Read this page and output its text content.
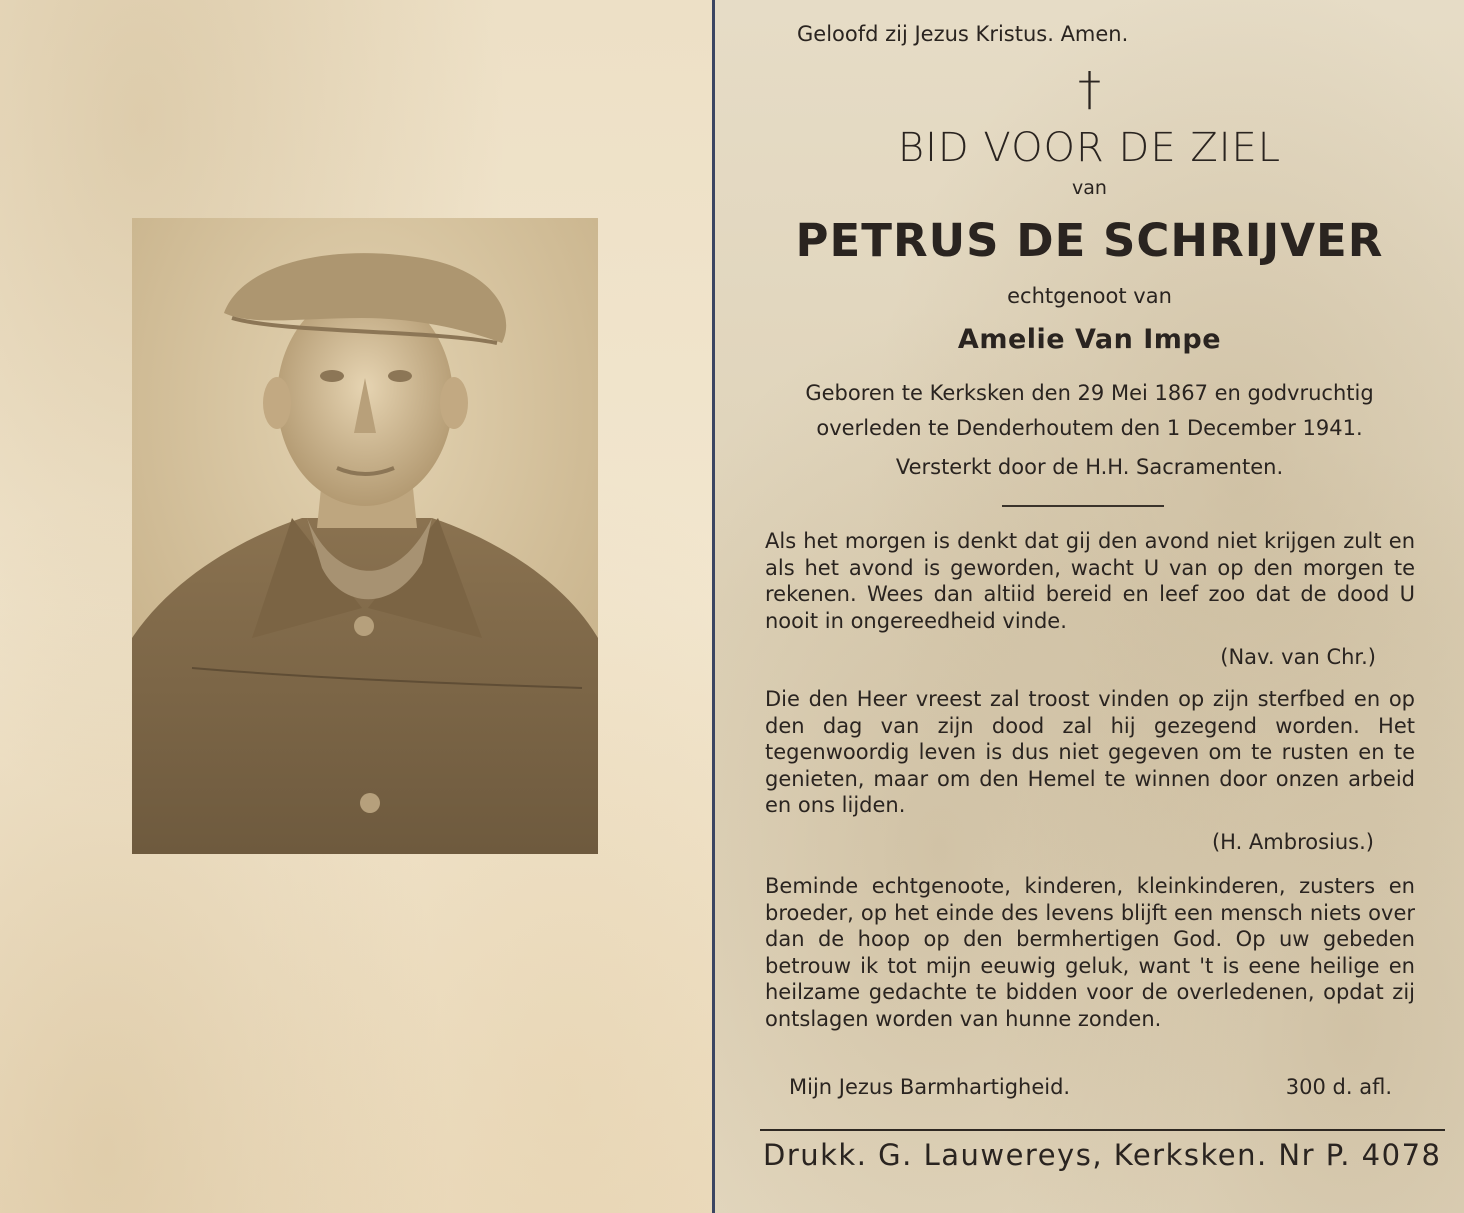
Geloofd zij Jezus Kristus. Amen.
†
BID VOOR DE ZIEL
van
PETRUS DE SCHRIJVER
echtgenoot van
Amelie Van Impe
Geboren te Kerksken den 29 Mei 1867 en godvruchtig
overleden te Denderhoutem den 1 December 1941.
Versterkt door de H.H. Sacramenten.
Als het morgen is denkt dat gij den avond niet krijgen zult en als het avond is geworden, wacht U van op den morgen te rekenen. Wees dan altiid bereid en leef zoo dat de dood U nooit in ongereedheid vinde.
(Nav. van Chr.)
Die den Heer vreest zal troost vinden op zijn sterfbed en op den dag van zijn dood zal hij gezegend worden. Het tegenwoordig leven is dus niet gegeven om te rusten en te genieten, maar om den Hemel te winnen door onzen arbeid en ons lijden.
(H. Ambrosius.)
Beminde echtgenoote, kinderen, kleinkinderen, zusters en broeder, op het einde des levens blijft een mensch niets over dan de hoop op den bermhertigen God. Op uw gebeden betrouw ik tot mijn eeuwig geluk, want 't is eene heilige en heilzame gedachte te bidden voor de overledenen, opdat zij ontslagen worden van hunne zonden.
Mijn Jezus Barmhartigheid.	300 d. afl.
Drukk. G. Lauwereys, Kerksken. Nr P. 4078
